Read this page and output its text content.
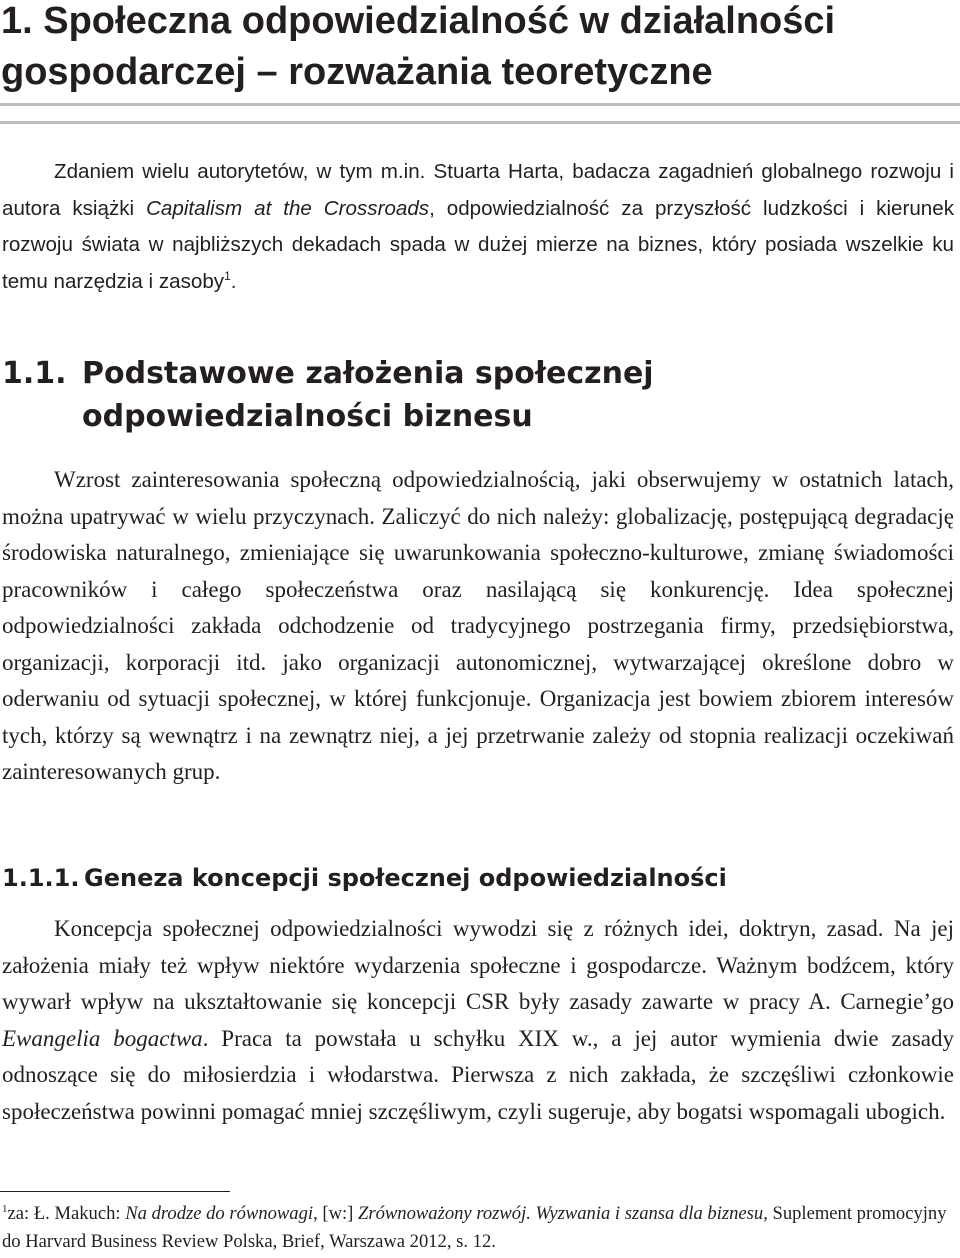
1. Społeczna odpowiedzialność w działalności
gospodarczej – rozważania teoretyczne

Zdaniem wielu autorytetów, w tym m.in. Stuarta Harta, badacza zagadnień globalnego rozwoju i autora książki Capitalism at the Crossroads, odpowiedzialność za przyszłość ludzkości i kierunek rozwoju świata w najbliższych dekadach spada w dużej mierze na biznes, który posiada wszelkie ku temu narzędzia i zasoby$^1$.

1.1. Podstawowe założenia społecznej
odpowiedzialności biznesu

Wzrost zainteresowania społeczną odpowiedzialnością, jaki obserwujemy w ostatnich latach, można upatrywać w wielu przyczynach. Zaliczyć do nich należy: globalizację, postępującą degradację środowiska naturalnego, zmieniające się uwarunkowania społeczno-kulturowe, zmianę świadomości pracowników i całego społeczeństwa oraz nasilającą się konkurencję. Idea społecznej odpowiedzialności zakłada odchodzenie od tradycyjnego postrzegania firmy, przedsiębiorstwa, organizacji, korporacji itd. jako organizacji autonomicznej, wytwarzającej określone dobro w oderwaniu od sytuacji społecznej, w której funkcjonuje. Organizacja jest bowiem zbiorem interesów tych, którzy są wewnątrz i na zewnątrz niej, a jej przetrwanie zależy od stopnia realizacji oczekiwań zainteresowanych grup.

1.1.1. Geneza koncepcji społecznej odpowiedzialności

Koncepcja społecznej odpowiedzialności wywodzi się z różnych idei, doktryn, zasad. Na jej założenia miały też wpływ niektóre wydarzenia społeczne i gospodarcze. Ważnym bodźcem, który wywarł wpływ na ukształtowanie się koncepcji CSR były zasady zawarte w pracy A. Carnegie’go Ewangelia bogactwa. Praca ta powstała u schyłku XIX w., a jej autor wymienia dwie zasady odnoszące się do miłosierdzia i włodarstwa. Pierwsza z nich zakłada, że szczęśliwi członkowie społeczeństwa powinni pomagać mniej szczęśliwym, czyli sugeruje, aby bogatsi wspomagali ubogich.

$^1$za: Ł. Makuch: Na drodze do równowagi, [w:] Zrównoważony rozwój. Wyzwania i szansa dla biznesu, Suplement promocyjny do Harvard Business Review Polska, Brief, Warszawa 2012, s. 12.
